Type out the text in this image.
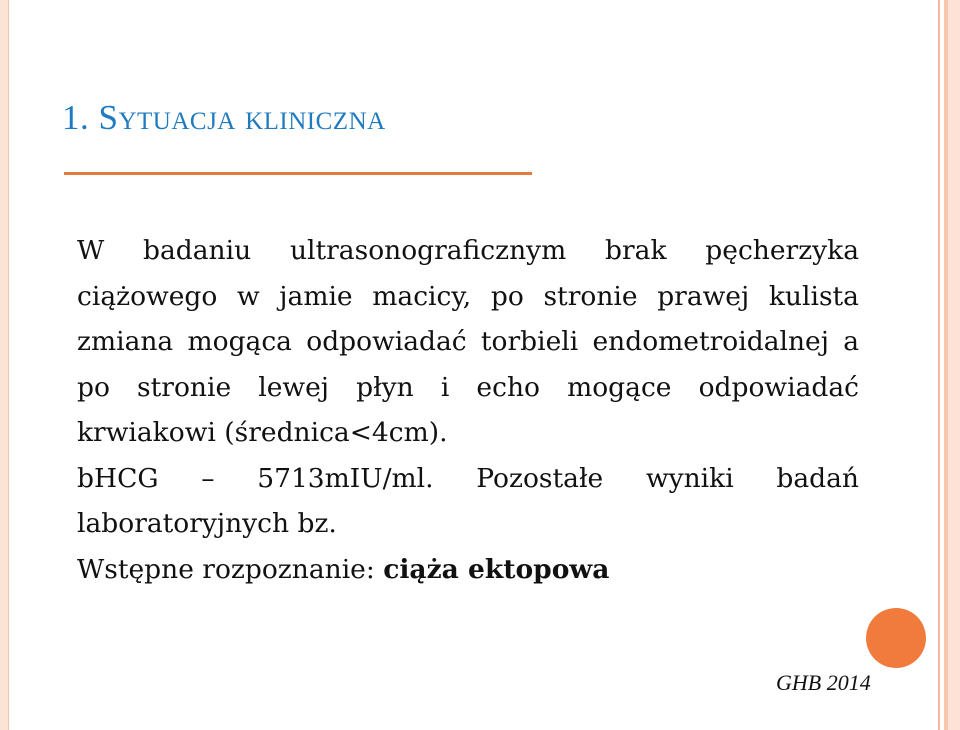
1. Sytuacja kliniczna

W badaniu ultrasonograficznym brak pęcherzyka ciążowego w jamie macicy, po stronie prawej kulista zmiana mogąca odpowiadać torbieli endometroidalnej a po stronie lewej płyn i echo mogące odpowiadać krwiakowi (średnica<4cm).

bHCG – 5713mIU/ml. Pozostałe wyniki badań laboratoryjnych bz.

Wstępne rozpoznanie: ciąża ektopowa

GHB 2014
